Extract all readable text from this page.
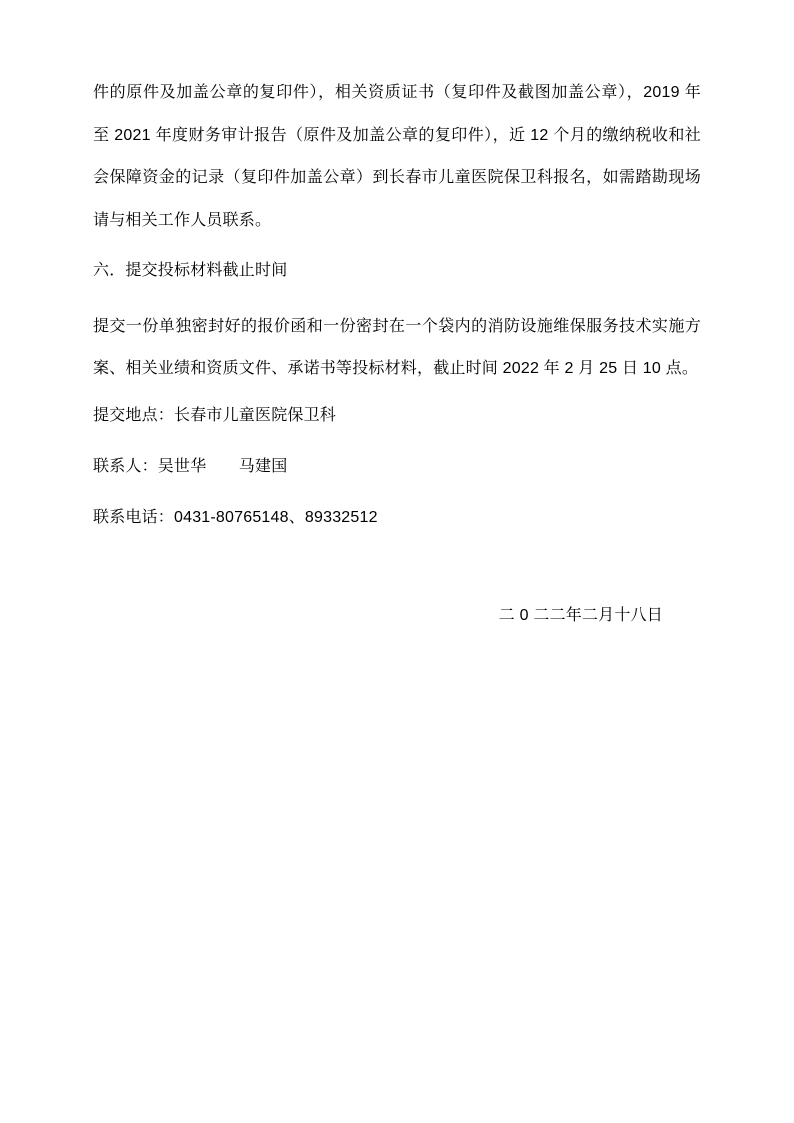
件的原件及加盖公章的复印件），相关资质证书（复印件及截图加盖公章），2019 年至 2021 年度财务审计报告（原件及加盖公章的复印件），近 12 个月的缴纳税收和社会保障资金的记录（复印件加盖公章）到长春市儿童医院保卫科报名，如需踏勘现场请与相关工作人员联系。

六．提交投标材料截止时间

提交一份单独密封好的报价函和一份密封在一个袋内的消防设施维保服务技术实施方案、相关业绩和资质文件、承诺书等投标材料，截止时间 2022 年 2 月 25 日 10 点。

提交地点：长春市儿童医院保卫科

联系人：吴世华　　马建国

联系电话：0431-80765148、89332512

二 0 二二年二月十八日
